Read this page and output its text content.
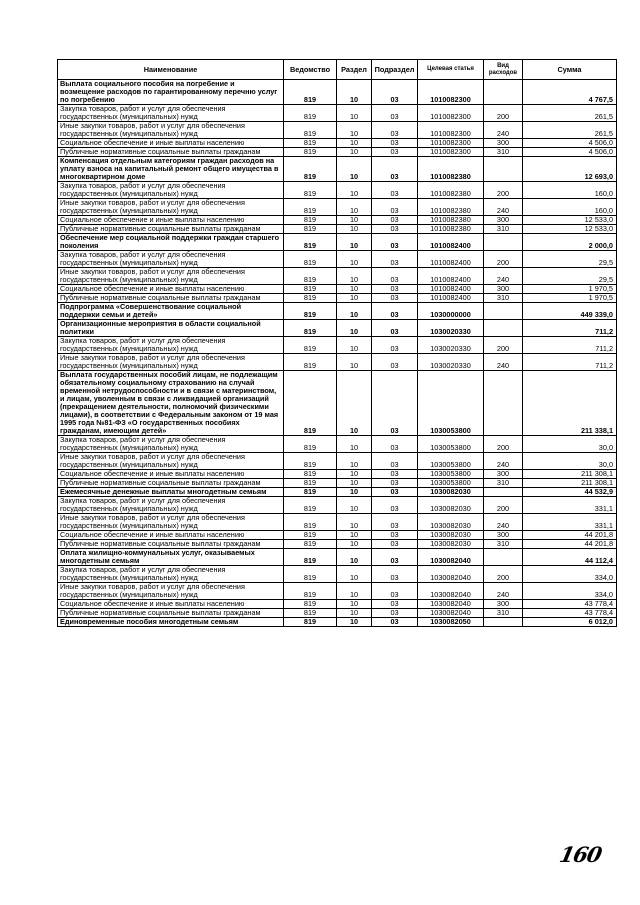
Наименование	Ведомство	Раздел	Подраздел	Целевая статья	Вид расходов	Сумма
Выплата социального пособия на погребение и возмещение расходов по гарантированному перечню услуг по погребению	819	10	03	1010082300		4 767,5
Закупка товаров, работ и услуг для обеспечения государственных (муниципальных) нужд	819	10	03	1010082300	200	261,5
Иные закупки товаров, работ и услуг для обеспечения государственных (муниципальных) нужд	819	10	03	1010082300	240	261,5
Социальное обеспечение и иные выплаты населению	819	10	03	1010082300	300	4 506,0
Публичные нормативные социальные выплаты гражданам	819	10	03	1010082300	310	4 506,0
Компенсация отдельным категориям граждан расходов на уплату взноса на капитальный ремонт общего имущества в многоквартирном доме	819	10	03	1010082380		12 693,0
Закупка товаров, работ и услуг для обеспечения государственных (муниципальных) нужд	819	10	03	1010082380	200	160,0
Иные закупки товаров, работ и услуг для обеспечения государственных (муниципальных) нужд	819	10	03	1010082380	240	160,0
Социальное обеспечение и иные выплаты населению	819	10	03	1010082380	300	12 533,0
Публичные нормативные социальные выплаты гражданам	819	10	03	1010082380	310	12 533,0
Обеспечение мер социальной поддержки граждан старшего поколения	819	10	03	1010082400		2 000,0
Закупка товаров, работ и услуг для обеспечения государственных (муниципальных) нужд	819	10	03	1010082400	200	29,5
Иные закупки товаров, работ и услуг для обеспечения государственных (муниципальных) нужд	819	10	03	1010082400	240	29,5
Социальное обеспечение и иные выплаты населению	819	10	03	1010082400	300	1 970,5
Публичные нормативные социальные выплаты гражданам	819	10	03	1010082400	310	1 970,5
Подпрограмма «Совершенствование социальной поддержки семьи и детей»	819	10	03	1030000000		449 339,0
Организационные мероприятия в области социальной политики	819	10	03	1030020330		711,2
Закупка товаров, работ и услуг для обеспечения государственных (муниципальных) нужд	819	10	03	1030020330	200	711,2
Иные закупки товаров, работ и услуг для обеспечения государственных (муниципальных) нужд	819	10	03	1030020330	240	711,2
Выплата государственных пособий лицам, не подлежащим обязательному социальному страхованию на случай временной нетрудоспособности и в связи с материнством, и лицам, уволенным в связи с ликвидацией организаций (прекращением деятельности, полномочий физическими лицами), в соответствии с Федеральным законом от 19 мая 1995 года №81-ФЗ «О государственных пособиях гражданам, имеющим детей»	819	10	03	1030053800		211 338,1
Закупка товаров, работ и услуг для обеспечения государственных (муниципальных) нужд	819	10	03	1030053800	200	30,0
Иные закупки товаров, работ и услуг для обеспечения государственных (муниципальных) нужд	819	10	03	1030053800	240	30,0
Социальное обеспечение и иные выплаты населению	819	10	03	1030053800	300	211 308,1
Публичные нормативные социальные выплаты гражданам	819	10	03	1030053800	310	211 308,1
Ежемесячные денежные выплаты многодетным семьям	819	10	03	1030082030		44 532,9
Закупка товаров, работ и услуг для обеспечения государственных (муниципальных) нужд	819	10	03	1030082030	200	331,1
Иные закупки товаров, работ и услуг для обеспечения государственных (муниципальных) нужд	819	10	03	1030082030	240	331,1
Социальное обеспечение и иные выплаты населению	819	10	03	1030082030	300	44 201,8
Публичные нормативные социальные выплаты гражданам	819	10	03	1030082030	310	44 201,8
Оплата жилищно-коммунальных услуг, оказываемых многодетным семьям	819	10	03	1030082040		44 112,4
Закупка товаров, работ и услуг для обеспечения государственных (муниципальных) нужд	819	10	03	1030082040	200	334,0
Иные закупки товаров, работ и услуг для обеспечения государственных (муниципальных) нужд	819	10	03	1030082040	240	334,0
Социальное обеспечение и иные выплаты населению	819	10	03	1030082040	300	43 778,4
Публичные нормативные социальные выплаты гражданам	819	10	03	1030082040	310	43 778,4
Единовременные пособия многодетным семьям	819	10	03	1030082050		6 012,0
160
